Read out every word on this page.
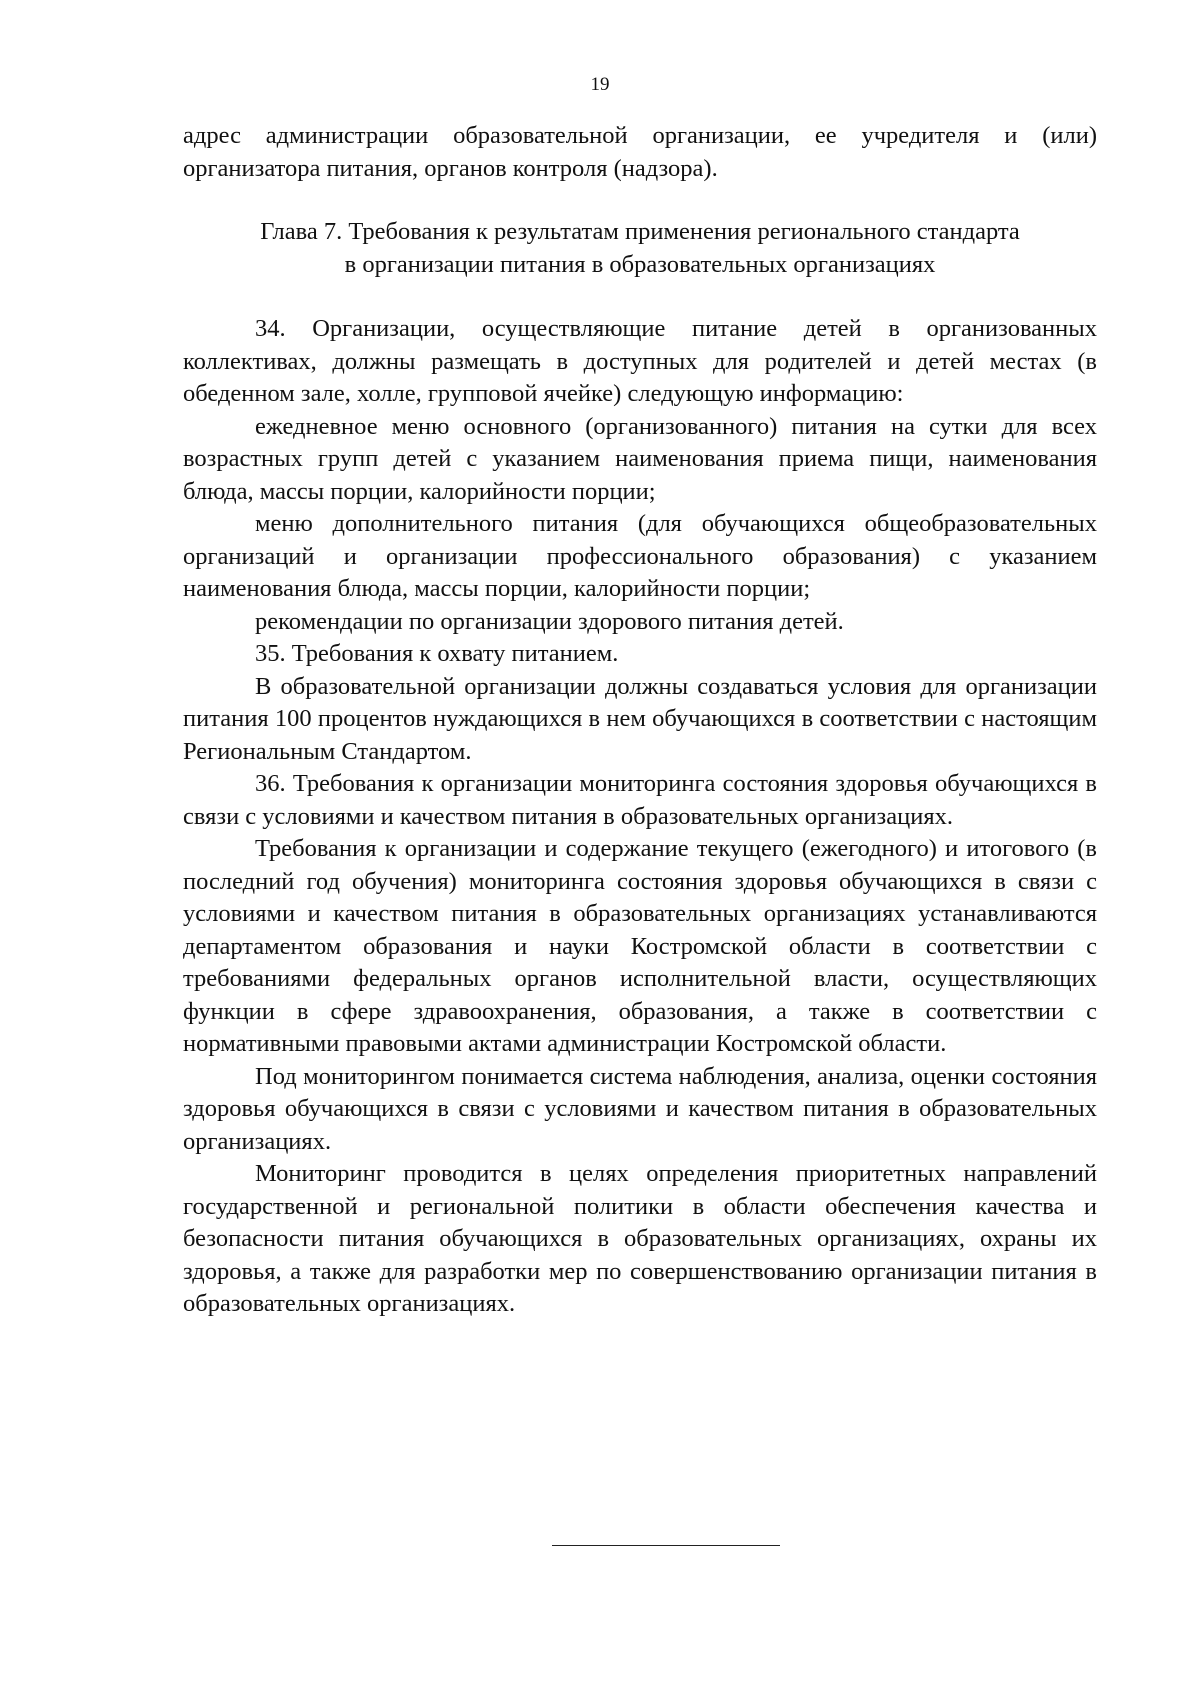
19

адрес администрации образовательной организации, ее учредителя и (или) организатора питания, органов контроля (надзора).

Глава 7. Требования к результатам применения регионального стандарта
в организации питания в образовательных организациях

34. Организации, осуществляющие питание детей в организованных коллективах, должны размещать в доступных для родителей и детей местах (в обеденном зале, холле, групповой ячейке) следующую информацию:

ежедневное меню основного (организованного) питания на сутки для всех возрастных групп детей с указанием наименования приема пищи, наименования блюда, массы порции, калорийности порции;

меню дополнительного питания (для обучающихся общеобразовательных организаций и организации профессионального образования) с указанием наименования блюда, массы порции, калорийности порции;

рекомендации по организации здорового питания детей.

35. Требования к охвату питанием.

В образовательной организации должны создаваться условия для организации питания 100 процентов нуждающихся в нем обучающихся в соответствии с настоящим Региональным Стандартом.

36. Требования к организации мониторинга состояния здоровья обучающихся в связи с условиями и качеством питания в образовательных организациях.

Требования к организации и содержание текущего (ежегодного) и итогового (в последний год обучения) мониторинга состояния здоровья обучающихся в связи с условиями и качеством питания в образовательных организациях устанавливаются департаментом образования и науки Костромской области в соответствии с требованиями федеральных органов исполнительной власти, осуществляющих функции в сфере здравоохранения, образования, а также в соответствии с нормативными правовыми актами администрации Костромской области.

Под мониторингом понимается система наблюдения, анализа, оценки состояния здоровья обучающихся в связи с условиями и качеством питания в образовательных организациях.

Мониторинг проводится в целях определения приоритетных направлений государственной и региональной политики в области обеспечения качества и безопасности питания обучающихся в образовательных организациях, охраны их здоровья, а также для разработки мер по совершенствованию организации питания в образовательных организациях.
